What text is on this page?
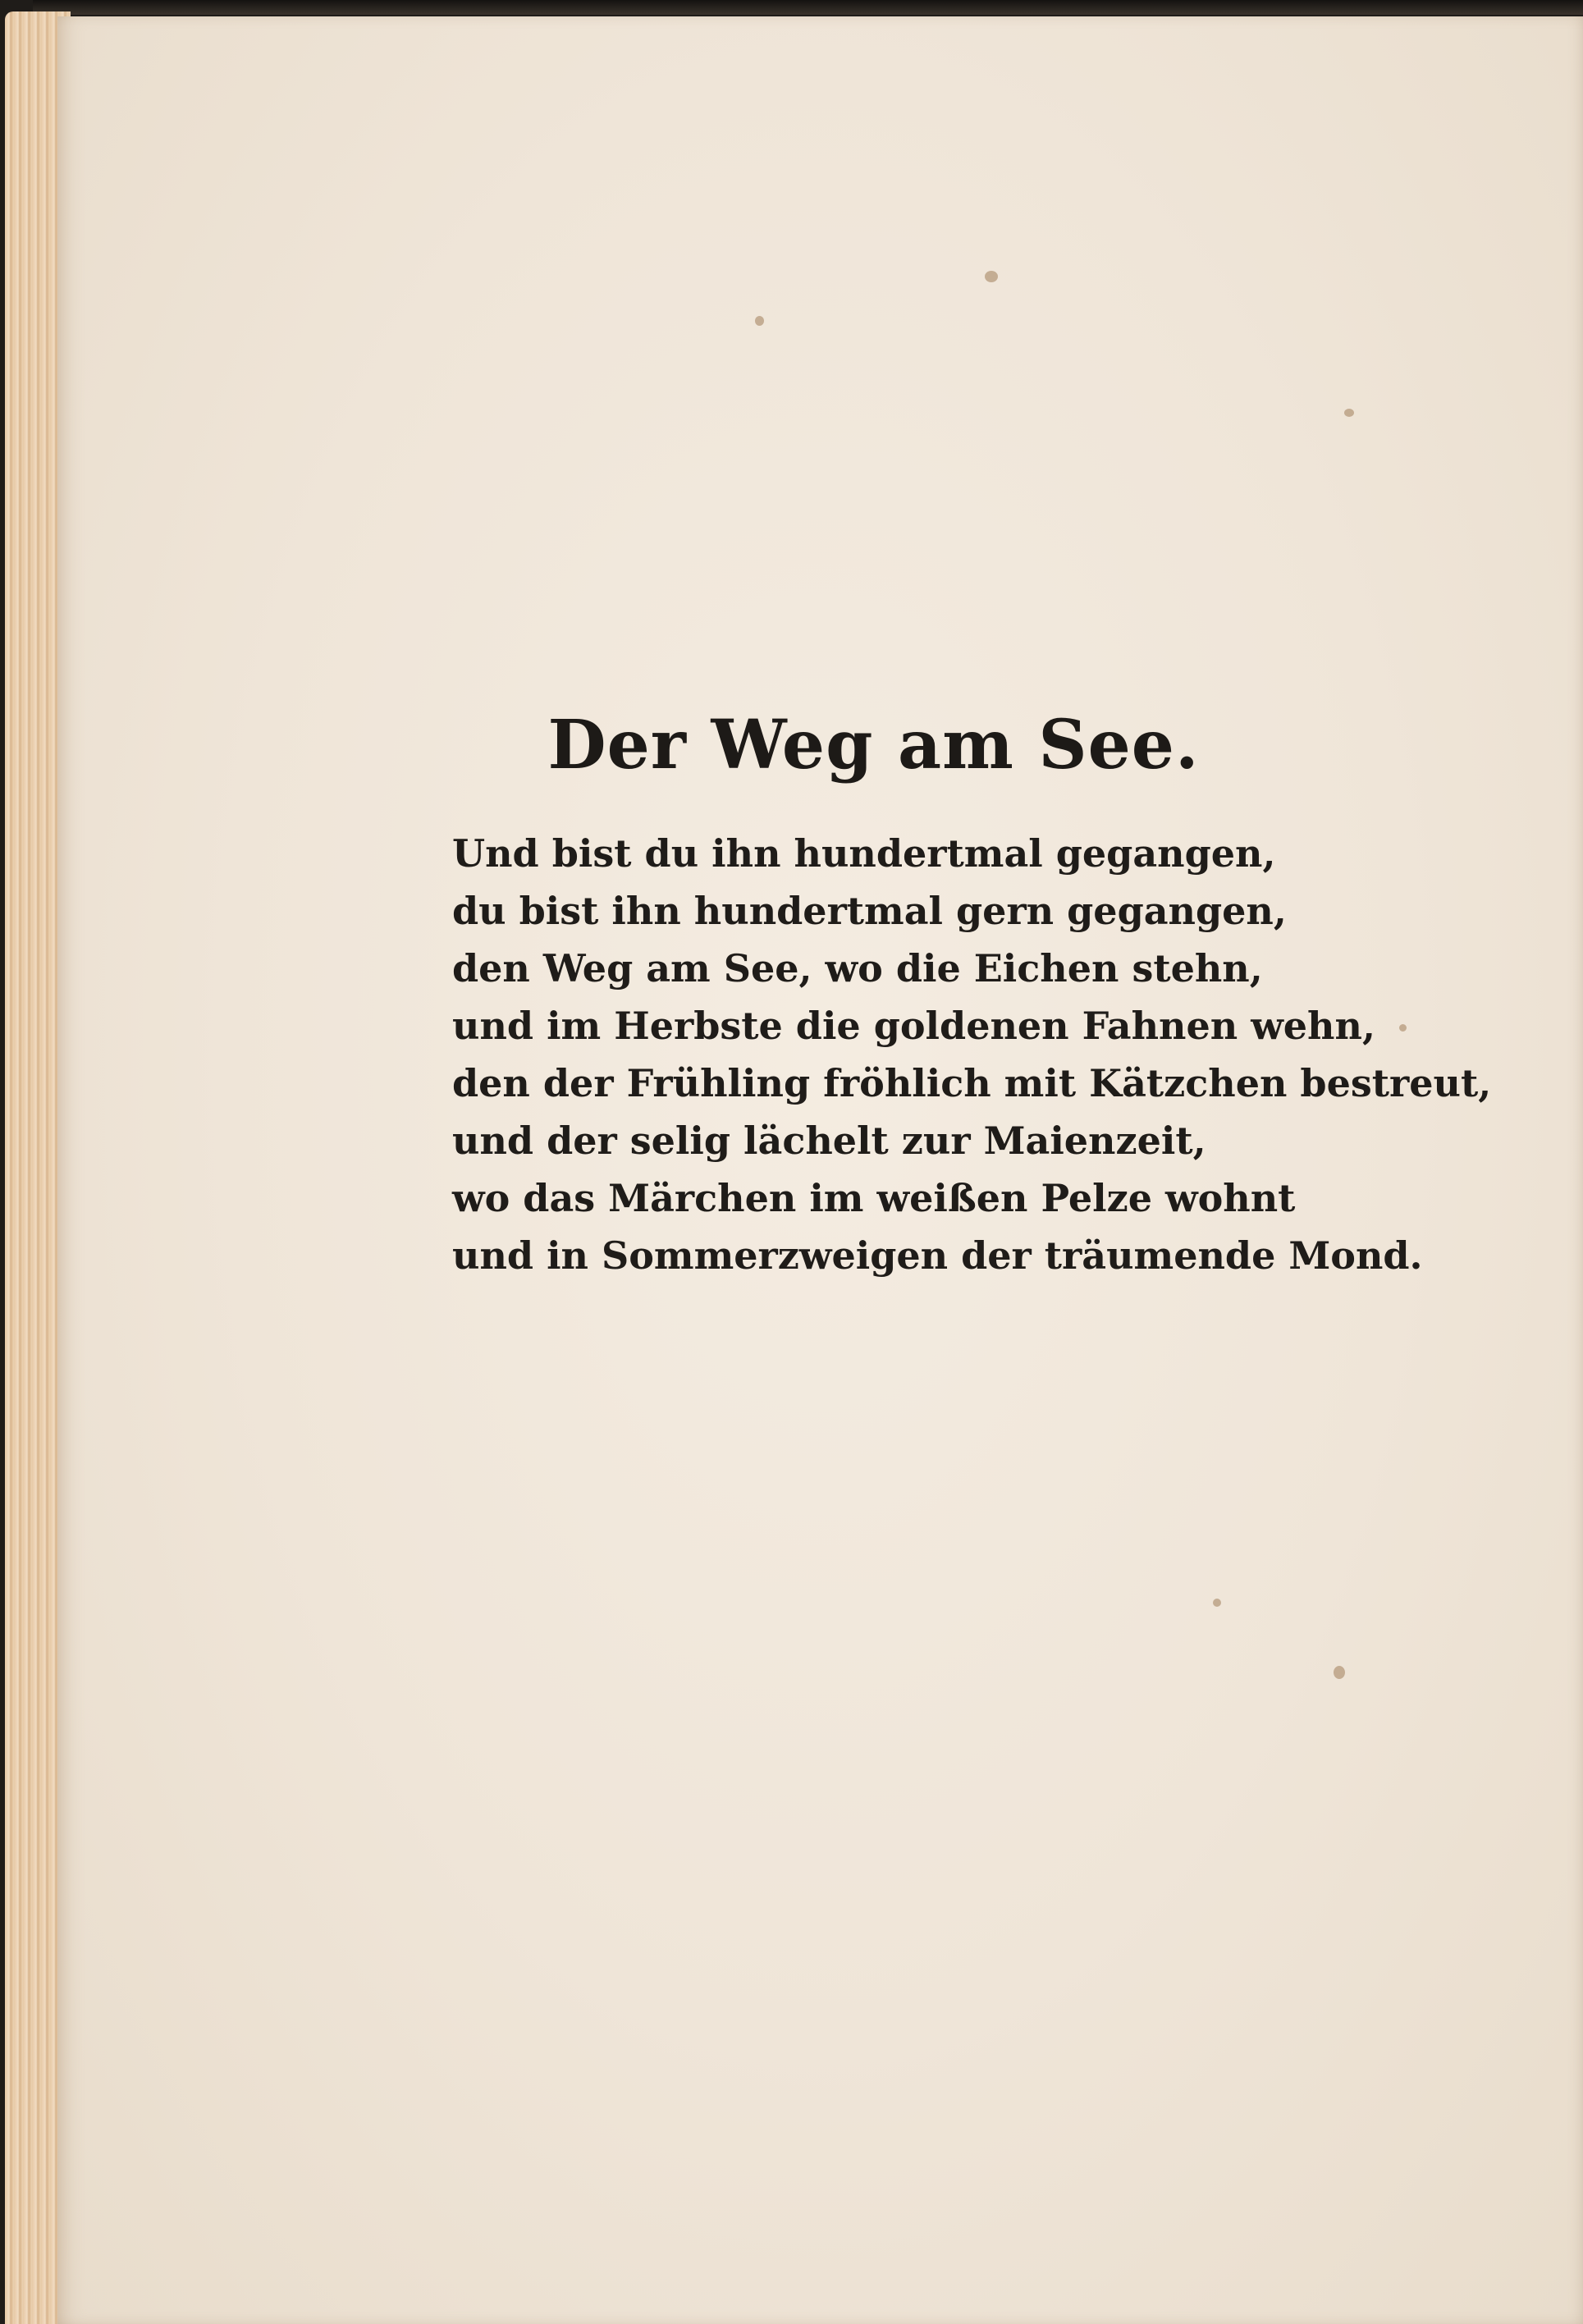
Der Weg am See.
Und bist du ihn hundertmal gegangen,
du bist ihn hundertmal gern gegangen,
den Weg am See, wo die Eichen stehn,
und im Herbste die goldenen Fahnen wehn,
den der Frühling fröhlich mit Kätzchen bestreut,
und der selig lächelt zur Maienzeit,
wo das Märchen im weißen Pelze wohnt
und in Sommerzweigen der träumende Mond.
